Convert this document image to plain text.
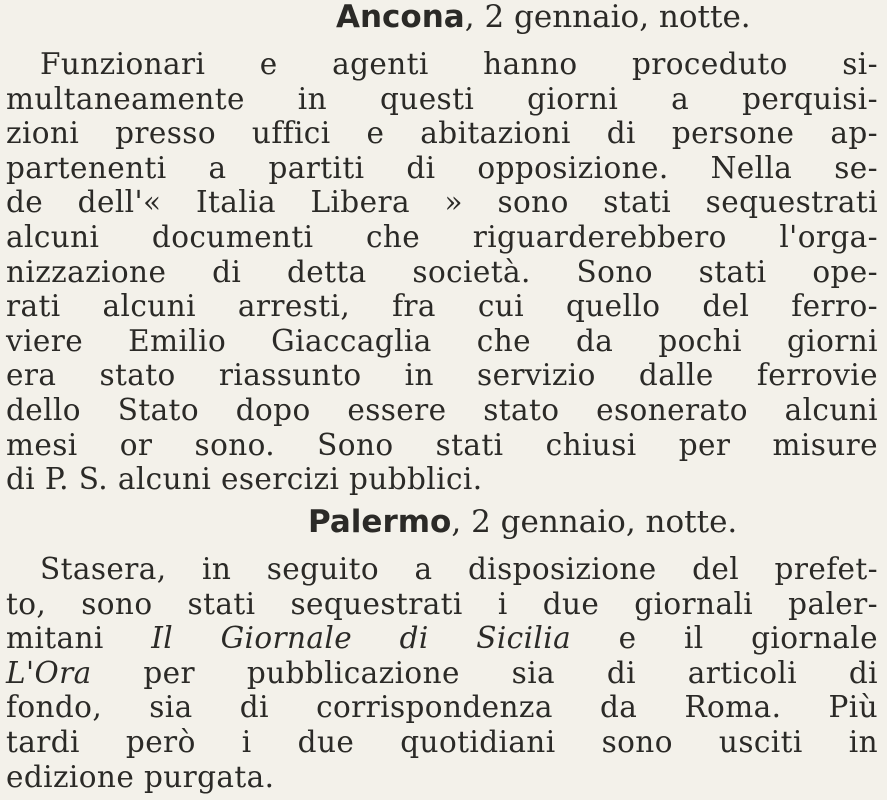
Ancona, 2 gennaio, notte.
Funzionari e agenti hanno proceduto si-
multaneamente in questi giorni a perquisi-
zioni presso uffici e abitazioni di persone ap-
partenenti a partiti di opposizione. Nella se-
de dell'« Italia Libera » sono stati sequestrati
alcuni documenti che riguarderebbero l'orga-
nizzazione di detta società. Sono stati ope-
rati alcuni arresti, fra cui quello del ferro-
viere Emilio Giaccaglia che da pochi giorni
era stato riassunto in servizio dalle ferrovie
dello Stato dopo essere stato esonerato alcuni
mesi or sono. Sono stati chiusi per misure
di P. S. alcuni esercizi pubblici.
Palermo, 2 gennaio, notte.
Stasera, in seguito a disposizione del prefet-
to, sono stati sequestrati i due giornali paler-
mitani Il Giornale di Sicilia e il giornale
L'Ora per pubblicazione sia di articoli di
fondo, sia di corrispondenza da Roma. Più
tardi però i due quotidiani sono usciti in
edizione purgata.
